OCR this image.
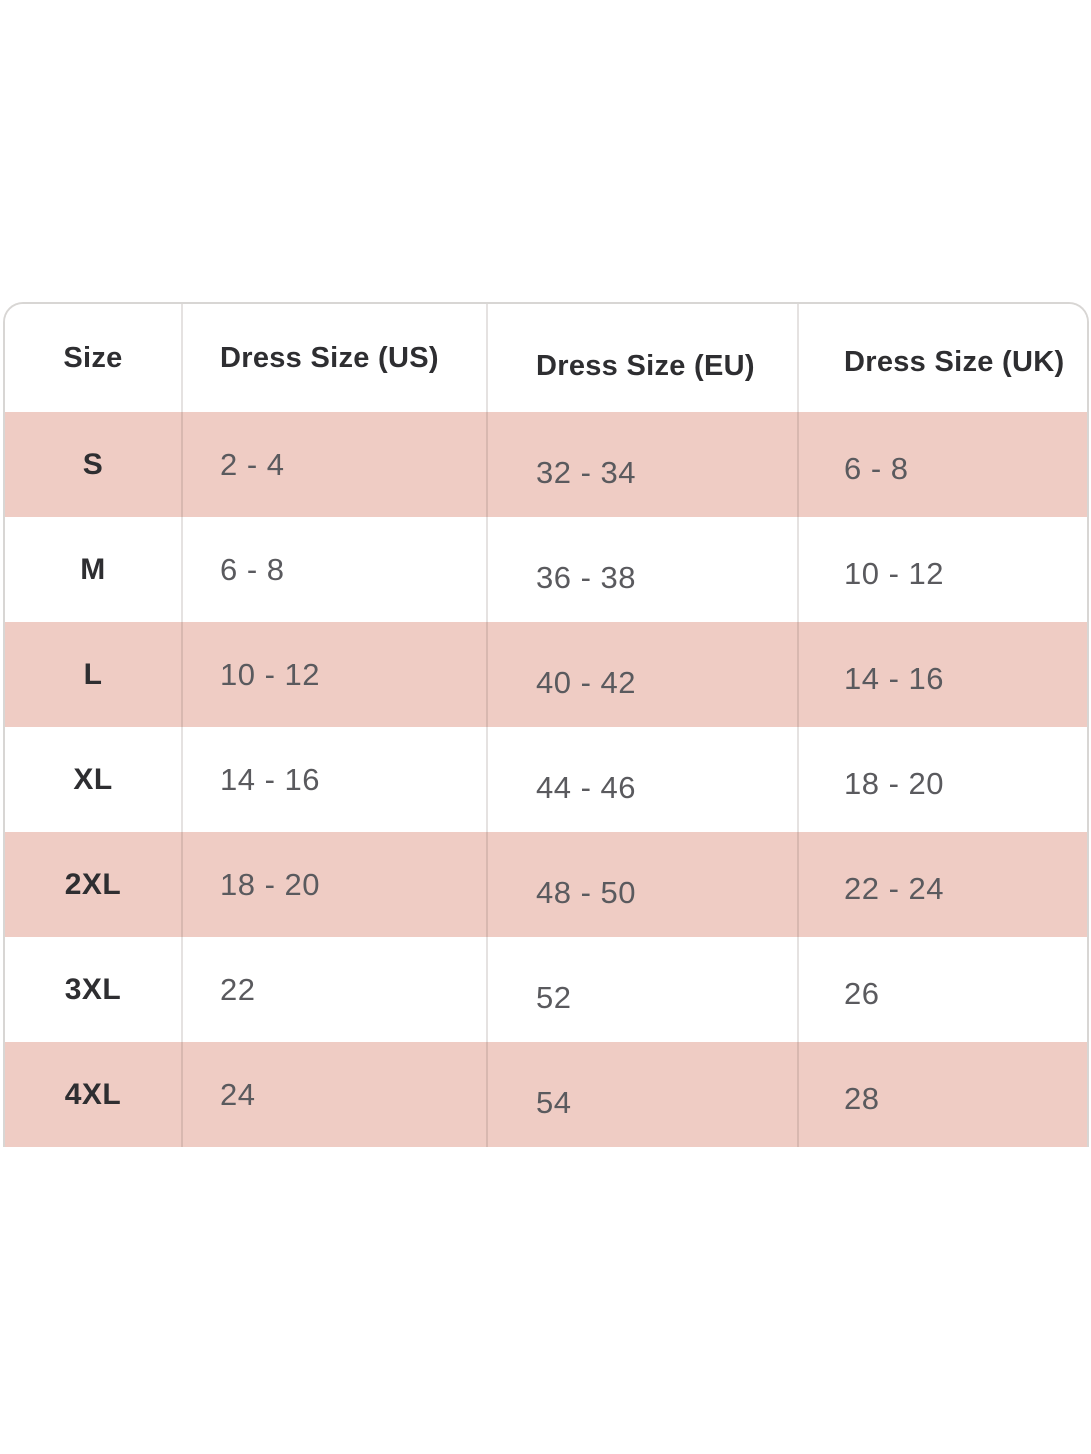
Size	Dress Size (US)	Dress Size (EU)	Dress Size (UK)
S	2 - 4	32 - 34	6 - 8
M	6 - 8	36 - 38	10 - 12
L	10 - 12	40 - 42	14 - 16
XL	14 - 16	44 - 46	18 - 20
2XL	18 - 20	48 - 50	22 - 24
3XL	22	52	26
4XL	24	54	28
